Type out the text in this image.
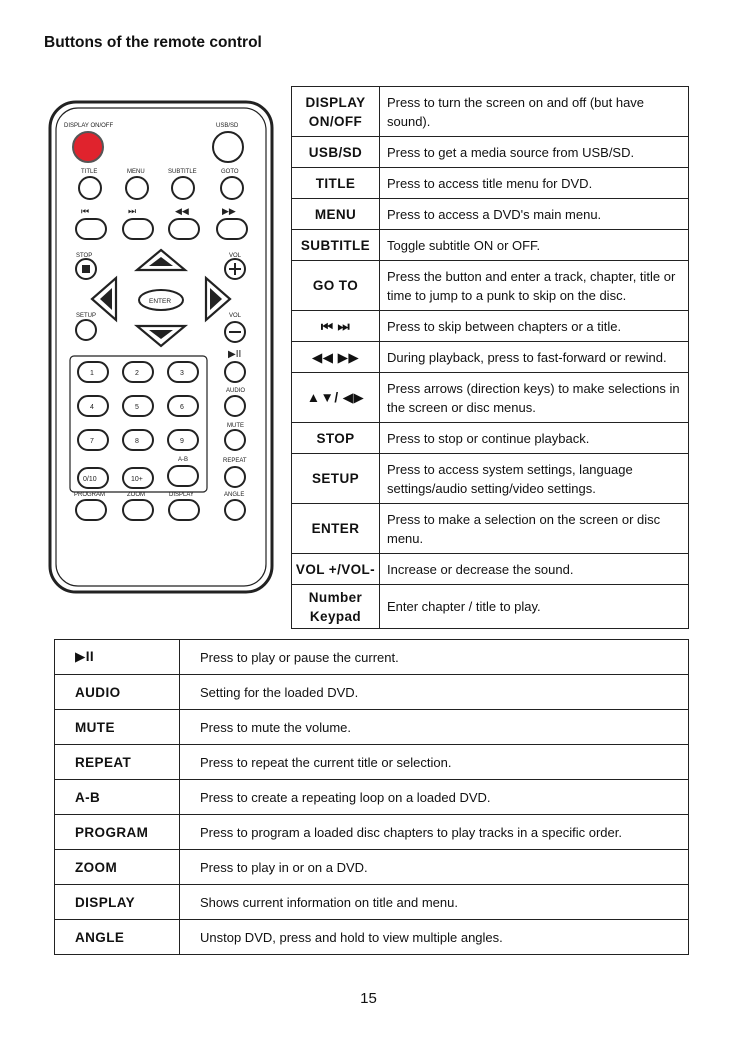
Buttons of the remote control
DISPLAY ON/OFF	USB/SD
TITLE	MENU	SUBTITLE	GOTO
⏮	⏭	◀◀	▶▶
STOP	VOL
ENTER
SETUP	VOL
▶II
1	2	3
4	5	6
7	8	9
0/10	10+
AUDIO
MUTE
A-B	REPEAT
PROGRAM	ZOOM	DISPLAY	ANGLE
DISPLAY ON/OFF	Press to turn the screen on and off (but have sound).
USB/SD	Press to get a media source from USB/SD.
TITLE	Press to access title menu for DVD.
MENU	Press to access a DVD's main menu.
SUBTITLE	Toggle subtitle ON or OFF.
GO TO	Press the button and enter a track, chapter, title or time to jump to a punk to skip on the disc.
⏮ ⏭	Press to skip between chapters or a title.
◀◀ ▶▶	During playback, press to fast-forward or rewind.
▲▼/ ◀▶	Press arrows (direction keys) to make selections in the screen or disc menus.
STOP	Press to stop or continue playback.
SETUP	Press to access system settings, language settings/audio setting/video settings.
ENTER	Press to make a selection on the screen or disc menu.
VOL +/VOL-	Increase or decrease the sound.
Number Keypad	Enter chapter / title to play.
▶II	Press to play or pause the current.
AUDIO	Setting for the loaded DVD.
MUTE	Press to mute the volume.
REPEAT	Press to repeat the current title or selection.
A-B	Press to create a repeating loop on a loaded DVD.
PROGRAM	Press to program a loaded disc chapters to play tracks in a specific order.
ZOOM	Press to play in or on a DVD.
DISPLAY	Shows current information on title and menu.
ANGLE	Unstop DVD, press and hold to view multiple angles.
15
